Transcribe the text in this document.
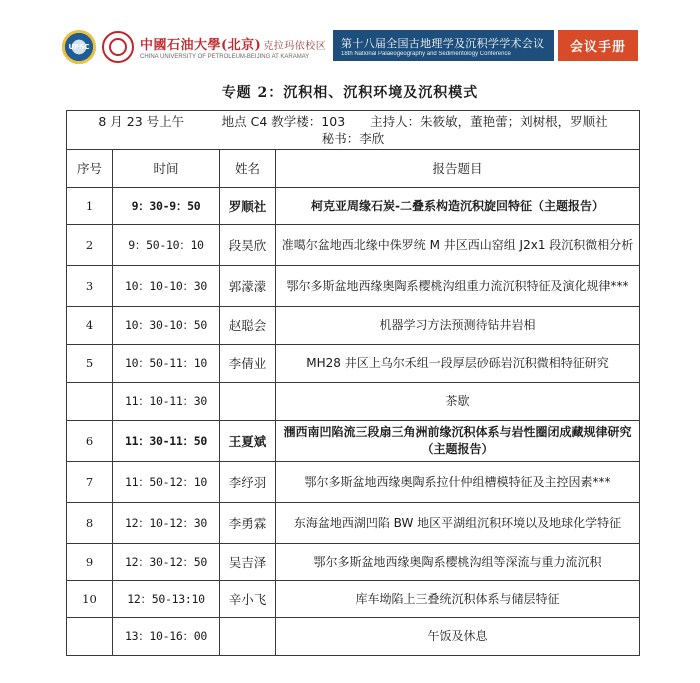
UPSC	中國石油大學(北京) 克拉玛依校区
CHINA UNIVERSITY OF PETROLEUM-BEIJING AT KARAMAY
第十八届全国古地理学及沉积学学术会议
18th National Palaeogeography and Sedimentology Conference	会议手册
专题 2：沉积相、沉积环境及沉积模式
8 月 23 号上午　　　地点 C4 教学楼：103　　主持人：朱筱敏，董艳蕾；刘树根，罗顺社
秘书：李欣			

序号	时间	姓名	报告题目
1	9：30-9：50	罗顺社	柯克亚周缘石炭-二叠系构造沉积旋回特征（主题报告）
2	9：50-10：10	段昊欣	准噶尔盆地西北缘中侏罗统 M 井区西山窑组 J2x1 段沉积微相分析
3	10：10-10：30	郭濛濛	鄂尔多斯盆地西缘奥陶系樱桃沟组重力流沉积特征及演化规律***
4	10：30-10：50	赵聪会	机器学习方法预测待钻井岩相
5	10：50-11：10	李倩业	MH28 井区上乌尔禾组一段厚层砂砾岩沉积微相特征研究
	11：10-11：30		茶歇
6	11：30-11：50	王夏斌	涠西南凹陷流三段扇三角洲前缘沉积体系与岩性圈闭成藏规律研究（主题报告）
7	11：50-12：10	李纾羽	鄂尔多斯盆地西缘奥陶系拉什仲组槽模特征及主控因素***
8	12：10-12：30	李勇霖	东海盆地西湖凹陷 BW 地区平湖组沉积环境以及地球化学特征
9	12：30-12：50	吴吉泽	鄂尔多斯盆地西缘奥陶系樱桃沟组等深流与重力流沉积
10	12：50-13:10	辛小飞	库车坳陷上三叠统沉积体系与储层特征
	13：10-16：00		午饭及休息
